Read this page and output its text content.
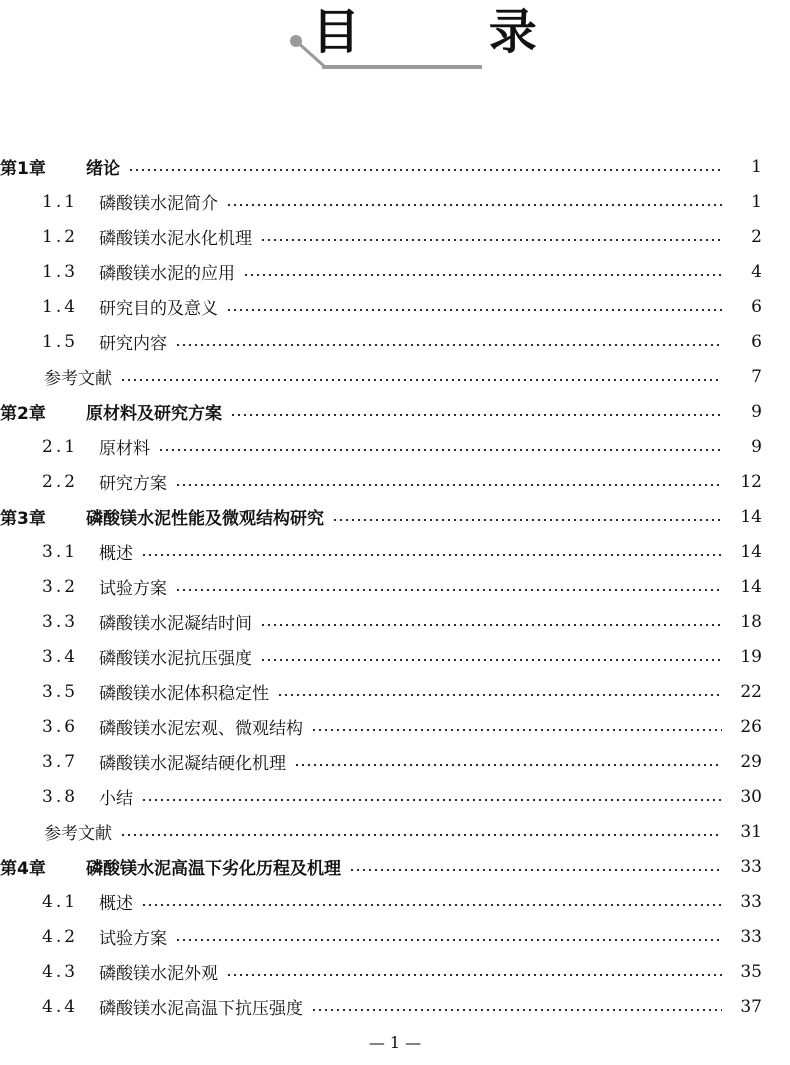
目 录
第1章	绪论	1
1.1	磷酸镁水泥简介	1
1.2	磷酸镁水泥水化机理	2
1.3	磷酸镁水泥的应用	4
1.4	研究目的及意义	6
1.5	研究内容	6
参考文献	7
第2章	原材料及研究方案	9
2.1	原材料	9
2.2	研究方案	12
第3章	磷酸镁水泥性能及微观结构研究	14
3.1	概述	14
3.2	试验方案	14
3.3	磷酸镁水泥凝结时间	18
3.4	磷酸镁水泥抗压强度	19
3.5	磷酸镁水泥体积稳定性	22
3.6	磷酸镁水泥宏观、微观结构	26
3.7	磷酸镁水泥凝结硬化机理	29
3.8	小结	30
参考文献	31
第4章	磷酸镁水泥高温下劣化历程及机理	33
4.1	概述	33
4.2	试验方案	33
4.3	磷酸镁水泥外观	35
4.4	磷酸镁水泥高温下抗压强度	37
— 1 —
